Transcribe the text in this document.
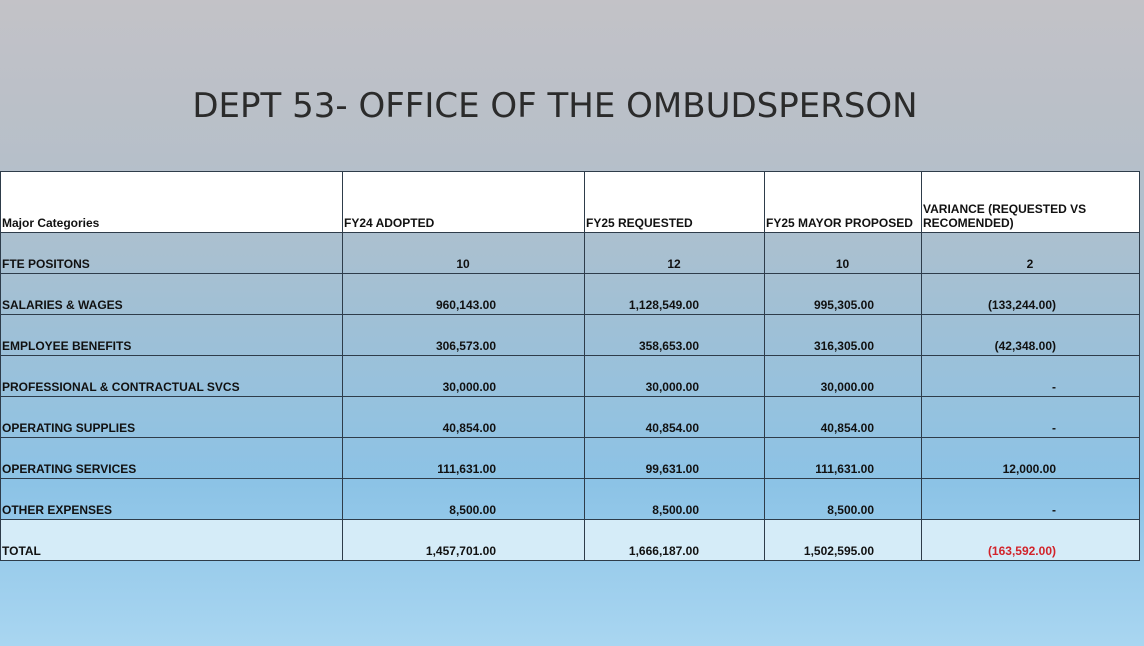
DEPT 53- OFFICE OF THE OMBUDSPERSON
Major Categories	FY24 ADOPTED	FY25 REQUESTED	FY25 MAYOR PROPOSED	VARIANCE (REQUESTED VS RECOMENDED)
FTE POSITONS	10	12	10	2
SALARIES & WAGES	960,143.00	1,128,549.00	995,305.00	(133,244.00)
EMPLOYEE BENEFITS	306,573.00	358,653.00	316,305.00	(42,348.00)
PROFESSIONAL & CONTRACTUAL SVCS	30,000.00	30,000.00	30,000.00	-
OPERATING SUPPLIES	40,854.00	40,854.00	40,854.00	-
OPERATING SERVICES	111,631.00	99,631.00	111,631.00	12,000.00
OTHER EXPENSES	8,500.00	8,500.00	8,500.00	-
TOTAL	1,457,701.00	1,666,187.00	1,502,595.00	(163,592.00)
